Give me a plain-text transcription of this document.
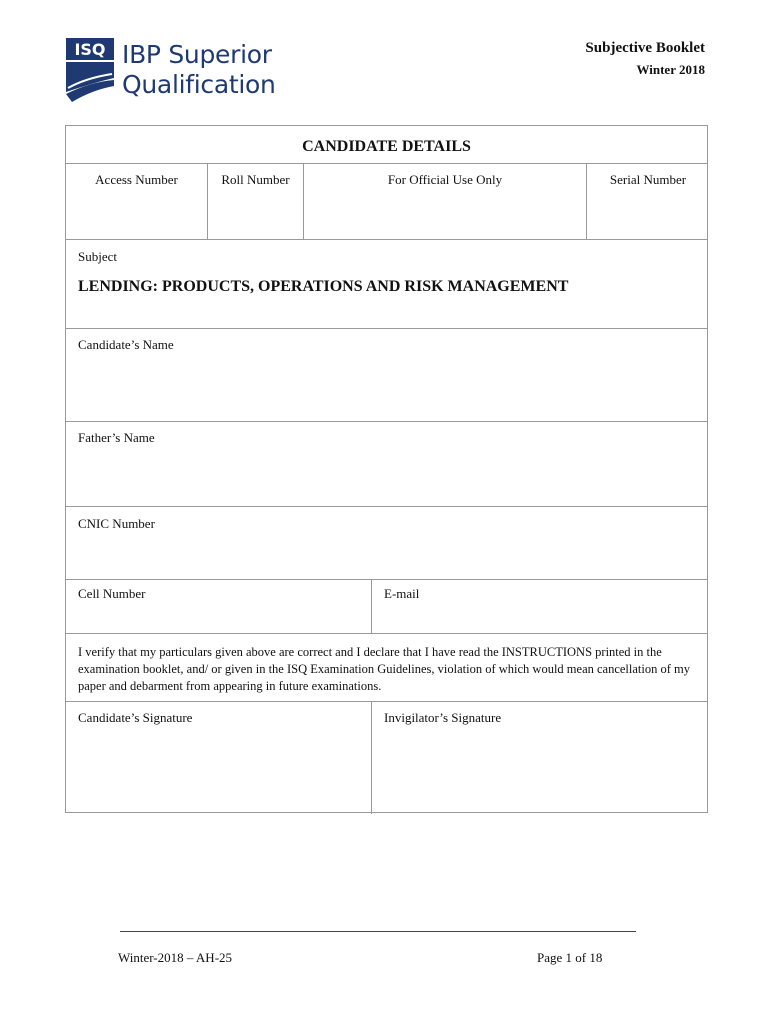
ISQ IBP Superior
Qualification
Subjective Booklet
Winter 2018
CANDIDATE DETAILS
Access Number	Roll Number	For Official Use Only	Serial Number
Subject
LENDING: PRODUCTS, OPERATIONS AND RISK MANAGEMENT
Candidate’s Name
Father’s Name
CNIC Number
Cell Number	E-mail
I verify that my particulars given above are correct and I declare that I have read the INSTRUCTIONS printed in the examination booklet, and/ or given in the ISQ Examination Guidelines, violation of which would mean cancellation of my paper and debarment from appearing in future examinations.
Candidate’s Signature	Invigilator’s Signature
Winter-2018 – AH-25	Page 1 of 18
